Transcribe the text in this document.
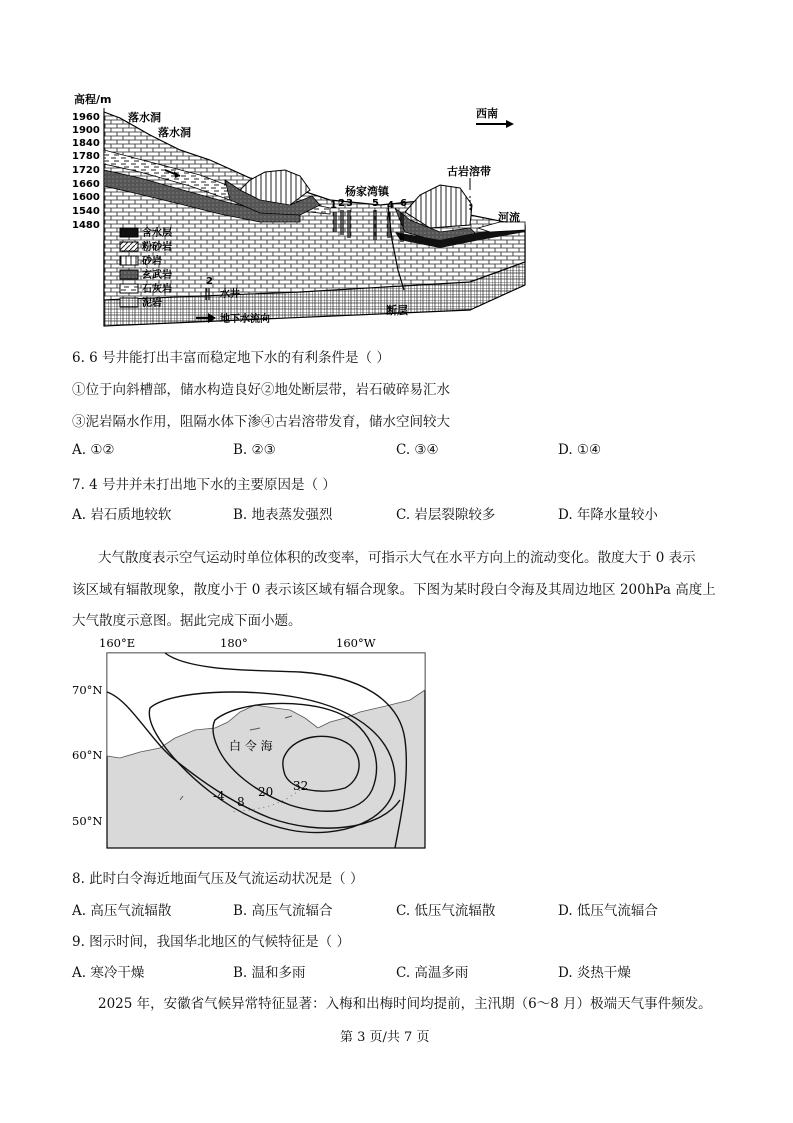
高程/m
1960
1900
1840
1780
1720
1660
1600
1540
1480
落水洞
落水洞
杨家湾镇
古岩溶带
河流
断层
西南
1 2 3 5 4 6
含水层
粉砂岩
砂岩
玄武岩
石灰岩
泥岩
2
水井
地下水流向
6. 6 号井能打出丰富而稳定地下水的有利条件是（ ）
①位于向斜槽部，储水构造良好②地处断层带，岩石破碎易汇水
③泥岩隔水作用，阻隔水体下渗④古岩溶带发育，储水空间较大
A. ①②	B. ②③	C. ③④	D. ①④
7. 4 号井并未打出地下水的主要原因是（ ）
A. 岩石质地较软	B. 地表蒸发强烈	C. 岩层裂隙较多	D. 年降水量较小
大气散度表示空气运动时单位体积的改变率，可指示大气在水平方向上的流动变化。散度大于 0 表示
该区域有辐散现象，散度小于 0 表示该区域有辐合现象。下图为某时段白令海及其周边地区 200hPa 高度上
大气散度示意图。据此完成下面小题。
160°E	180°	160°W
70°N
60°N
50°N
白 令 海
-4 8
20 32
8. 此时白令海近地面气压及气流运动状况是（ ）
A. 高压气流辐散	B. 高压气流辐合	C. 低压气流辐散	D. 低压气流辐合
9. 图示时间，我国华北地区的气候特征是（ ）
A. 寒冷干燥	B. 温和多雨	C. 高温多雨	D. 炎热干燥
2025 年，安徽省气候异常特征显著：入梅和出梅时间均提前，主汛期（6～8 月）极端天气事件频发。
第 3 页/共 7 页
